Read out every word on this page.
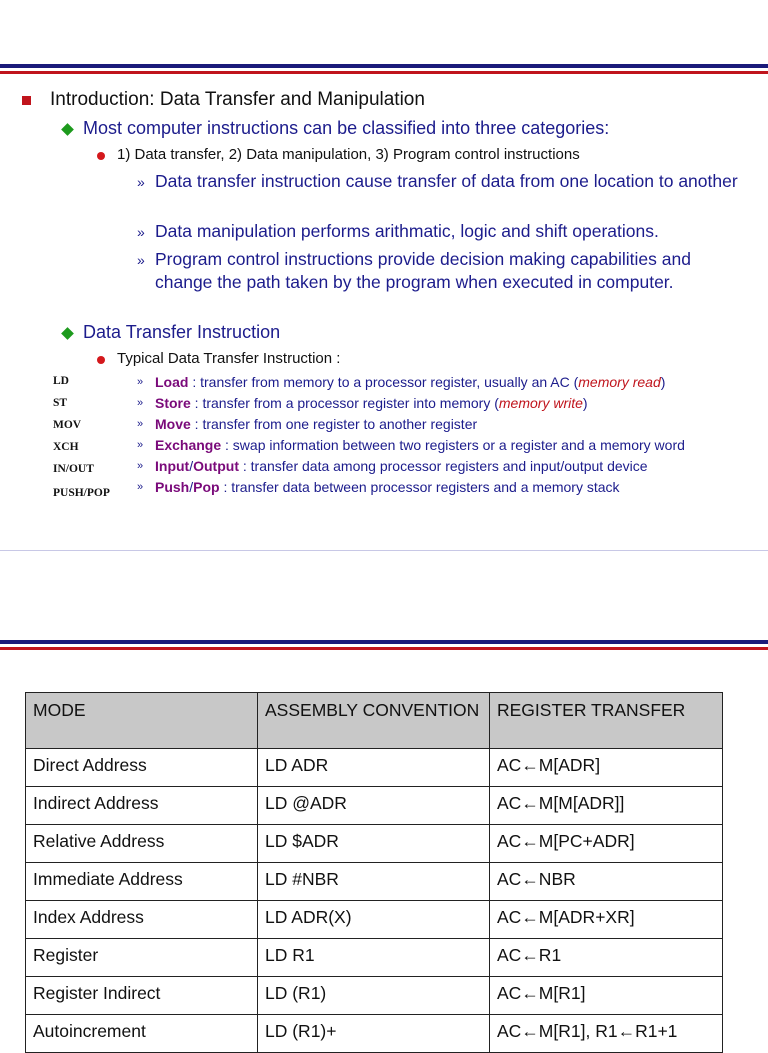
Introduction: Data Transfer and Manipulation
Most computer instructions can be classified into three categories:
1) Data transfer, 2) Data manipulation, 3) Program control instructions
» Data transfer instruction cause transfer of data from one location to another
» Data manipulation performs arithmatic, logic and shift operations.
» Program control instructions provide decision making capabilities and change the path taken by the program when executed in computer.
Data Transfer Instruction
Typical Data Transfer Instruction :
LD	» Load : transfer from memory to a processor register, usually an AC (memory read)
ST	» Store : transfer from a processor register into memory (memory write)
MOV	» Move : transfer from one register to another register
XCH	» Exchange : swap information between two registers or a register and a memory word
IN/OUT	» Input/Output : transfer data among processor registers and input/output device
PUSH/POP » Push/Pop : transfer data between processor registers and a memory stack
MODE	ASSEMBLY CONVENTION	REGISTER TRANSFER
Direct Address	LD ADR	AC←M[ADR]
Indirect Address	LD @ADR	AC←M[M[ADR]]
Relative Address	LD $ADR	AC←M[PC+ADR]
Immediate Address	LD #NBR	AC←NBR
Index Address	LD ADR(X)	AC←M[ADR+XR]
Register	LD R1	AC←R1
Register Indirect	LD (R1)	AC←M[R1]
Autoincrement	LD (R1)+	AC←M[R1], R1←R1+1
